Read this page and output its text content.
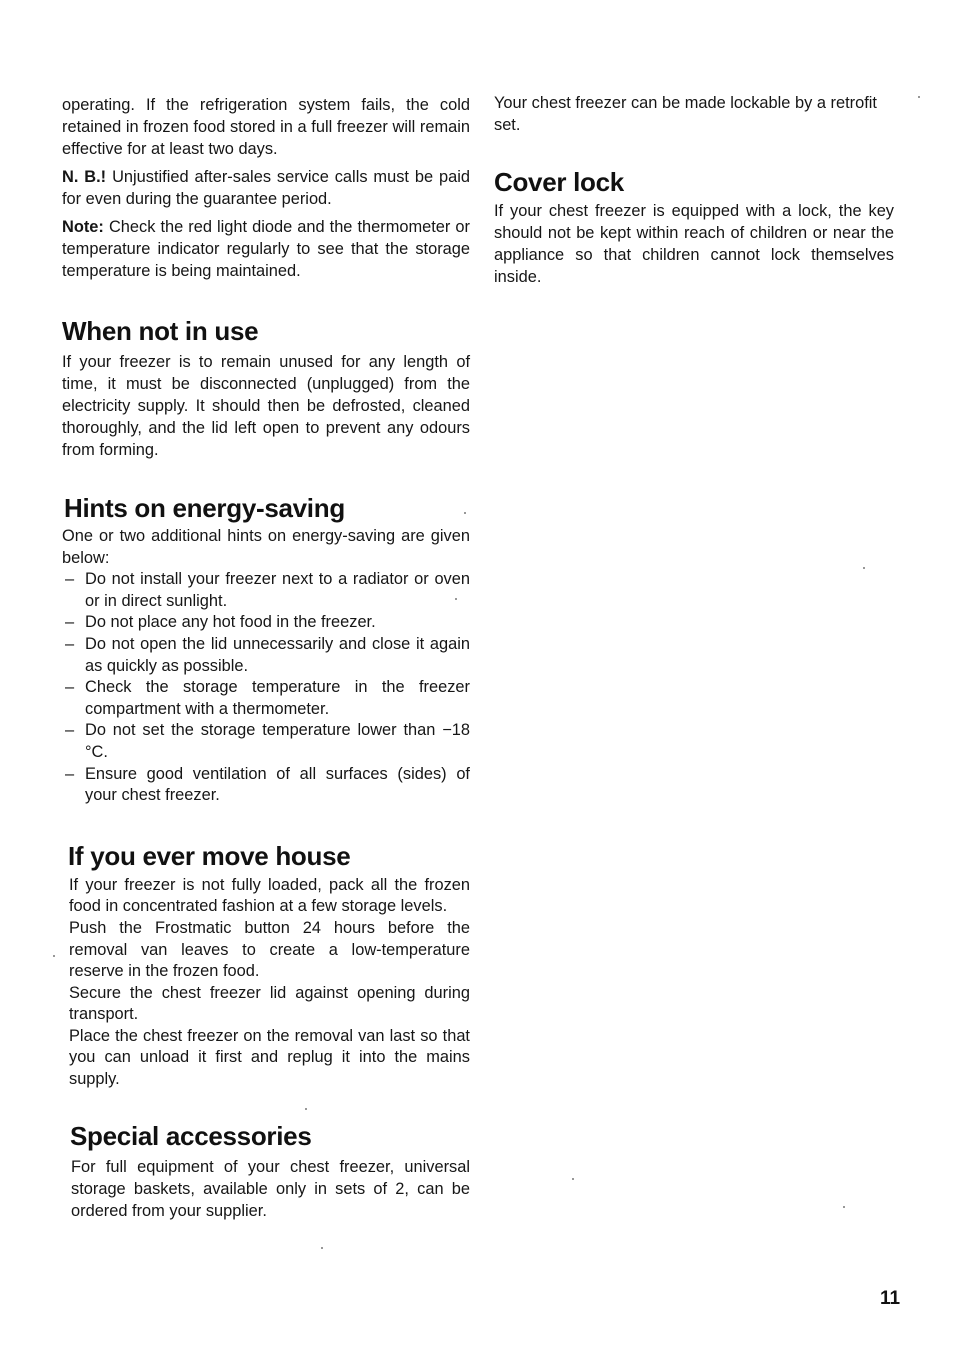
operating. If the refrigeration system fails, the cold retained in frozen food stored in a full freezer will remain effective for at least two days.

N. B.! Unjustified after-sales service calls must be paid for even during the guarantee period.

Note: Check the red light diode and the thermometer or temperature indicator regularly to see that the storage temperature is being maintained.

When not in use

If your freezer is to remain unused for any length of time, it must be disconnected (unplugged) from the electricity supply. It should then be defrosted, cleaned thoroughly, and the lid left open to prevent any odours from forming.

Hints on energy-saving

One or two additional hints on energy-saving are given below:

– Do not install your freezer next to a radiator or oven or in direct sunlight.
– Do not place any hot food in the freezer.
– Do not open the lid unnecessarily and close it again as quickly as possible.
– Check the storage temperature in the freezer compartment with a thermometer.
– Do not set the storage temperature lower than −18 °C.
– Ensure good ventilation of all surfaces (sides) of your chest freezer.
If you ever move house

If your freezer is not fully loaded, pack all the frozen food in concentrated fashion at a few storage levels.

Push the Frostmatic button 24 hours before the removal van leaves to create a low-temperature reserve in the frozen food.

Secure the chest freezer lid against opening during transport.

Place the chest freezer on the removal van last so that you can unload it first and replug it into the mains supply.

Special accessories

For full equipment of your chest freezer, universal storage baskets, available only in sets of 2, can be ordered from your supplier.

Your chest freezer can be made lockable by a retrofit set.

Cover lock

If your chest freezer is equipped with a lock, the key should not be kept within reach of children or near the appliance so that children cannot lock themselves inside.

11
